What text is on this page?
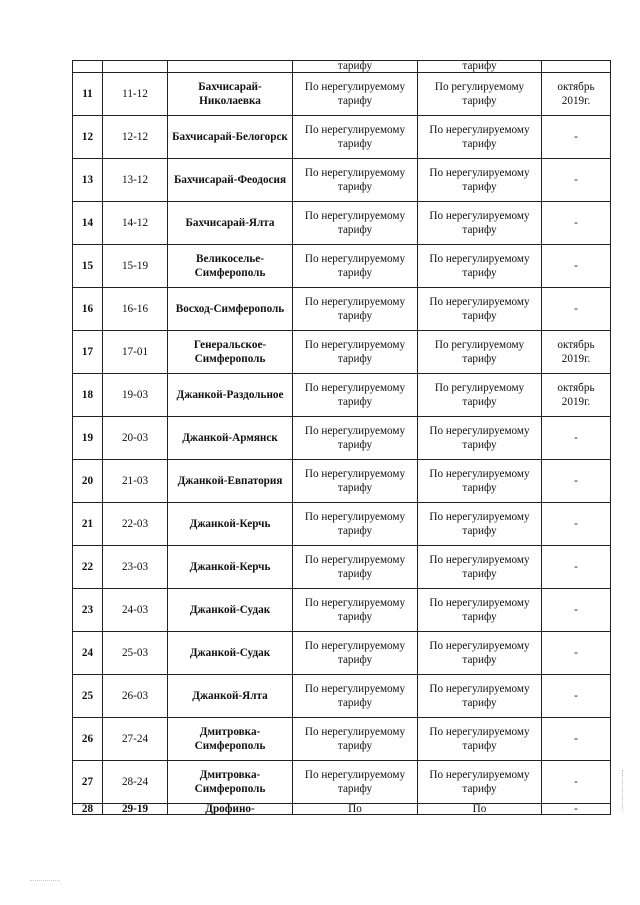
			тарифу	тарифу	
11	11-12	Бахчисарай-Николаевка	По нерегулируемому тарифу	По регулируемому тарифу	октябрь 2019г.
12	12-12	Бахчисарай-Белогорск	По нерегулируемому тарифу	По нерегулируемому тарифу	-
13	13-12	Бахчисарай-Феодосия	По нерегулируемому тарифу	По нерегулируемому тарифу	-
14	14-12	Бахчисарай-Ялта	По нерегулируемому тарифу	По нерегулируемому тарифу	-
15	15-19	Великоселье-Симферополь	По нерегулируемому тарифу	По нерегулируемому тарифу	-
16	16-16	Восход-Симферополь	По нерегулируемому тарифу	По нерегулируемому тарифу	-
17	17-01	Генеральское-Симферополь	По нерегулируемому тарифу	По регулируемому тарифу	октябрь 2019г.
18	19-03	Джанкой-Раздольное	По нерегулируемому тарифу	По регулируемому тарифу	октябрь 2019г.
19	20-03	Джанкой-Армянск	По нерегулируемому тарифу	По нерегулируемому тарифу	-
20	21-03	Джанкой-Евпатория	По нерегулируемому тарифу	По нерегулируемому тарифу	-
21	22-03	Джанкой-Керчь	По нерегулируемому тарифу	По нерегулируемому тарифу	-
22	23-03	Джанкой-Керчь	По нерегулируемому тарифу	По нерегулируемому тарифу	-
23	24-03	Джанкой-Судак	По нерегулируемому тарифу	По нерегулируемому тарифу	-
24	25-03	Джанкой-Судак	По нерегулируемому тарифу	По нерегулируемому тарифу	-
25	26-03	Джанкой-Ялта	По нерегулируемому тарифу	По нерегулируемому тарифу	-
26	27-24	Дмитровка-Симферополь	По нерегулируемому тарифу	По нерегулируемому тарифу	-
27	28-24	Дмитровка-Симферополь	По нерегулируемому тарифу	По нерегулируемому тарифу	-
28	29-19	Дрофино-	По	По	-
